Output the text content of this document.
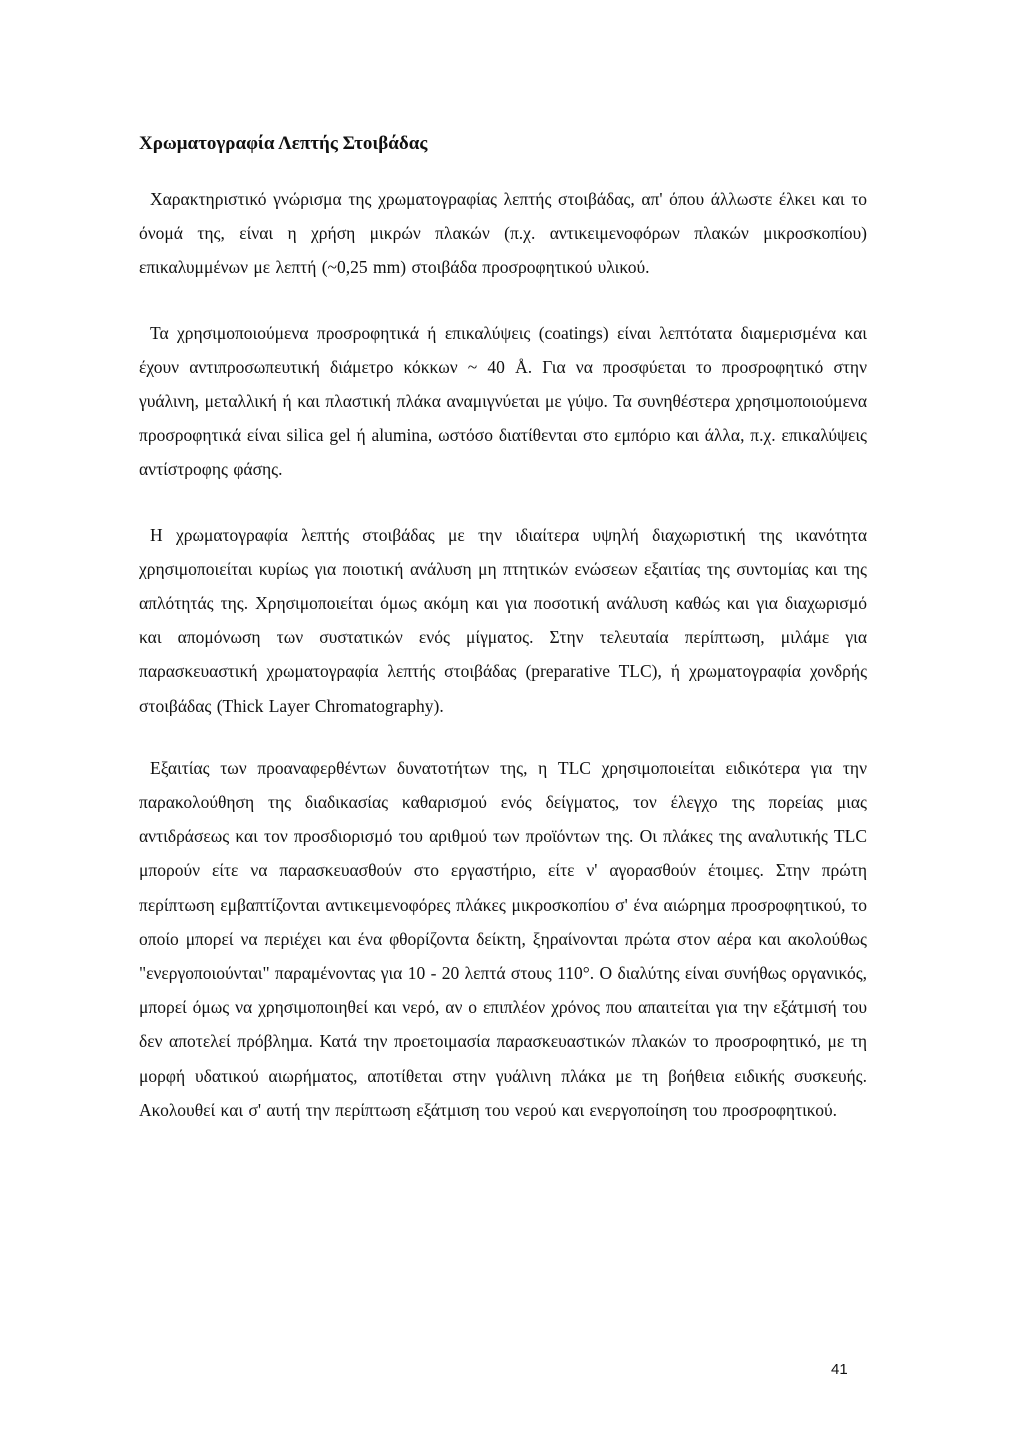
Χρωματογραφία Λεπτής Στοιβάδας

Χαρακτηριστικό γνώρισμα της χρωματογραφίας λεπτής στοιβάδας, απ' όπου άλλωστε έλκει και το όνομά της, είναι η χρήση μικρών πλακών (π.χ. αντικειμενοφόρων πλακών μικροσκοπίου) επικαλυμμένων με λεπτή (~0,25 mm) στοιβάδα προσροφητικού υλικού.

Τα χρησιμοποιούμενα προσροφητικά ή επικαλύψεις (coatings) είναι λεπτότατα διαμερισμένα και έχουν αντιπροσωπευτική διάμετρο κόκκων ~ 40 Å. Για να προσφύεται το προσροφητικό στην γυάλινη, μεταλλική ή και πλαστική πλάκα αναμιγνύεται με γύψο. Τα συνηθέστερα χρησιμοποιούμενα προσροφητικά είναι silica gel ή alumina, ωστόσο διατίθενται στο εμπόριο και άλλα, π.χ. επικαλύψεις αντίστροφης φάσης.

Η χρωματογραφία λεπτής στοιβάδας με την ιδιαίτερα υψηλή διαχωριστική της ικανότητα χρησιμοποιείται κυρίως για ποιοτική ανάλυση μη πτητικών ενώσεων εξαιτίας της συντομίας και της απλότητάς της. Χρησιμοποιείται όμως ακόμη και για ποσοτική ανάλυση καθώς και για διαχωρισμό και απομόνωση των συστατικών ενός μίγματος. Στην τελευταία περίπτωση, μιλάμε για παρασκευαστική χρωματογραφία λεπτής στοιβάδας (preparative TLC), ή χρωματογραφία χονδρής στοιβάδας (Thick Layer Chromatography).

Εξαιτίας των προαναφερθέντων δυνατοτήτων της, η TLC χρησιμοποιείται ειδικότερα για την παρακολούθηση της διαδικασίας καθαρισμού ενός δείγματος, τον έλεγχο της πορείας μιας αντιδράσεως και τον προσδιορισμό του αριθμού των προϊόντων της. Οι πλάκες της αναλυτικής TLC μπορούν είτε να παρασκευασθούν στο εργαστήριο, είτε ν' αγορασθούν έτοιμες. Στην πρώτη περίπτωση εμβαπτίζονται αντικειμενοφόρες πλάκες μικροσκοπίου σ' ένα αιώρημα προσροφητικού, το οποίο μπορεί να περιέχει και ένα φθορίζοντα δείκτη, ξηραίνονται πρώτα στον αέρα και ακολούθως "ενεργοποιούνται" παραμένοντας για 10 - 20 λεπτά στους 110°. Ο διαλύτης είναι συνήθως οργανικός, μπορεί όμως να χρησιμοποιηθεί και νερό, αν ο επιπλέον χρόνος που απαιτείται για την εξάτμισή του δεν αποτελεί πρόβλημα. Κατά την προετοιμασία παρασκευαστικών πλακών το προσροφητικό, με τη μορφή υδατικού αιωρήματος, αποτίθεται στην γυάλινη πλάκα με τη βοήθεια ειδικής συσκευής. Ακολουθεί και σ' αυτή την περίπτωση εξάτμιση του νερού και ενεργοποίηση του προσροφητικού.

41
